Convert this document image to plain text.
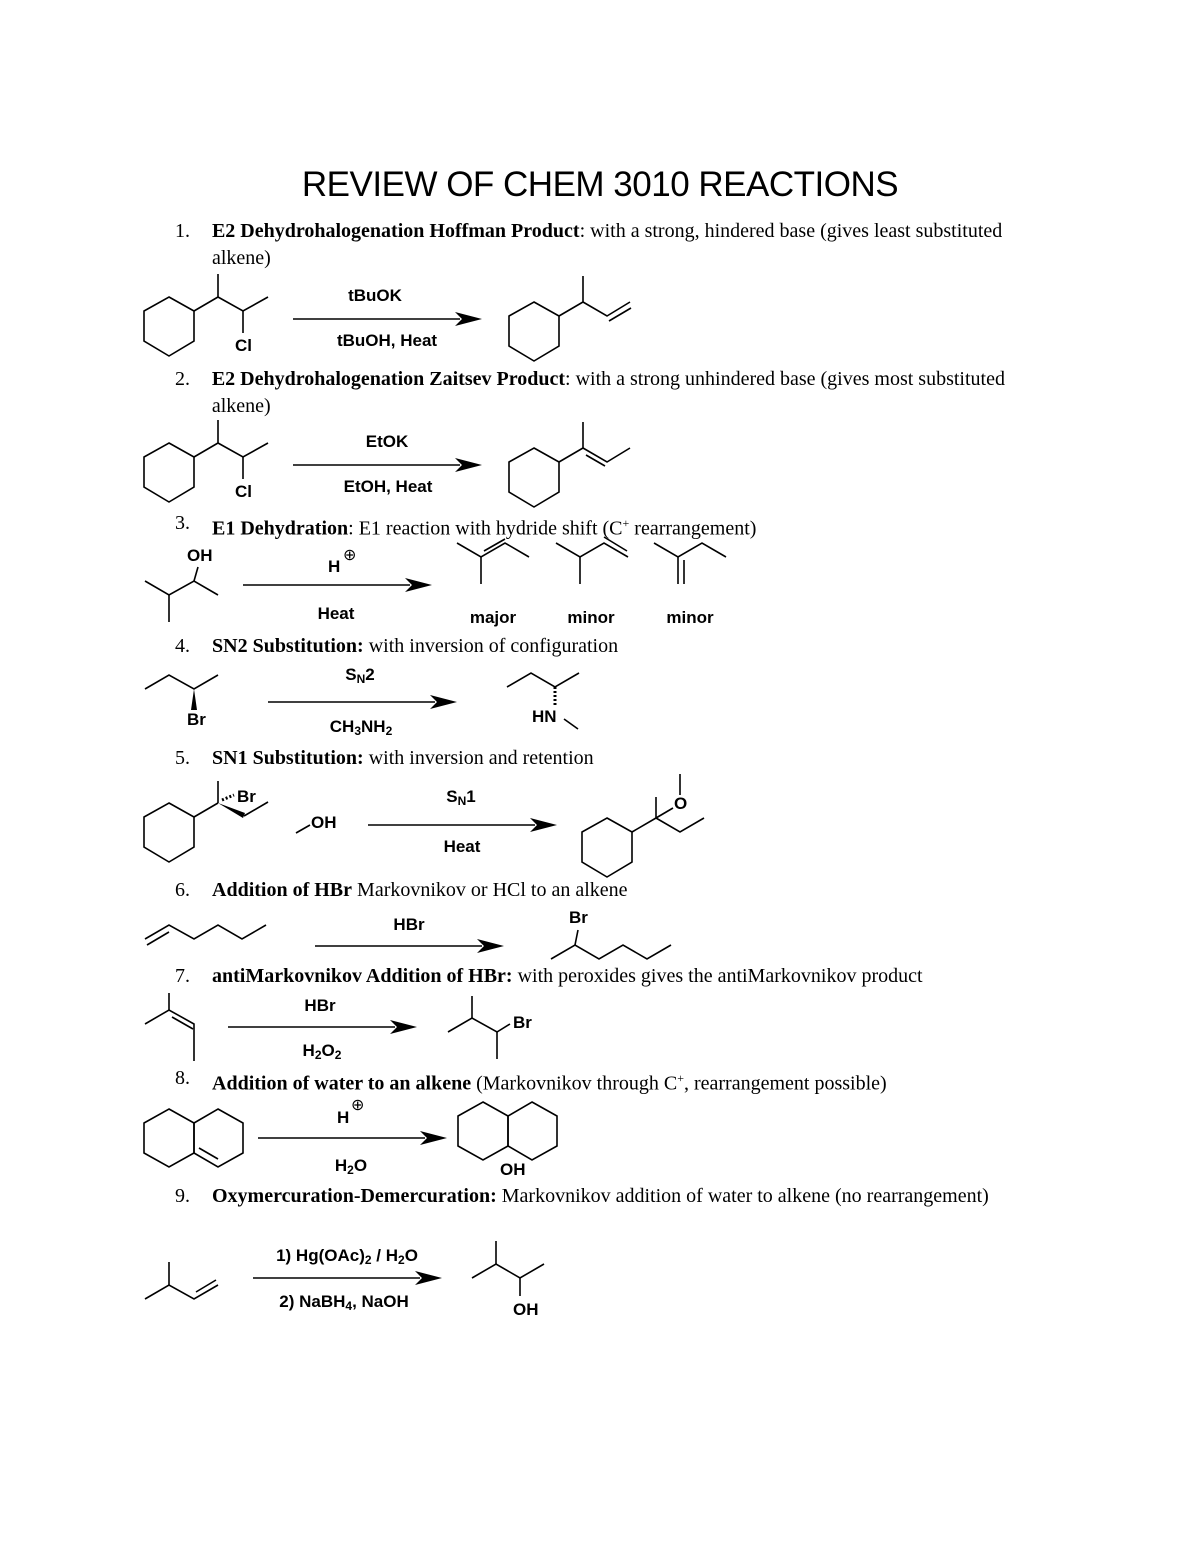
REVIEW OF CHEM 3010 REACTIONS
1.	E2 Dehydrohalogenation Hoffman Product: with a strong, hindered base (gives least substituted alkene)
Cl
tBuOK
tBuOH, Heat
2.	E2 Dehydrohalogenation Zaitsev Product: with a strong unhindered base (gives most substituted alkene)
Cl
EtOK
EtOH, Heat
3.	E1 Dehydration: E1 reaction with hydride shift (C+ rearrangement)
OH
H
⊕
Heat	major	minor	minor
4.	SN2 Substitution: with inversion of configuration
Br
$S_N2$
$CH_3NH_2$
HN
5.	SN1 Substitution: with inversion and retention
Br
OH
$S_N1$
Heat
O
6.	Addition of HBr Markovnikov or HCl to an alkene
HBr	Br
7.	antiMarkovnikov Addition of HBr: with peroxides gives the antiMarkovnikov product
HBr
$H_2O_2$
Br
8.	Addition of water to an alkene (Markovnikov through C+, rearrangement possible)
H
⊕
$H_2O$	OH
9.	Oxymercuration-Demercuration: Markovnikov addition of water to alkene (no rearrangement)
1) $Hg(OAc)_2 / H_2O$
2) NaBH$_4$, NaOH	OH
